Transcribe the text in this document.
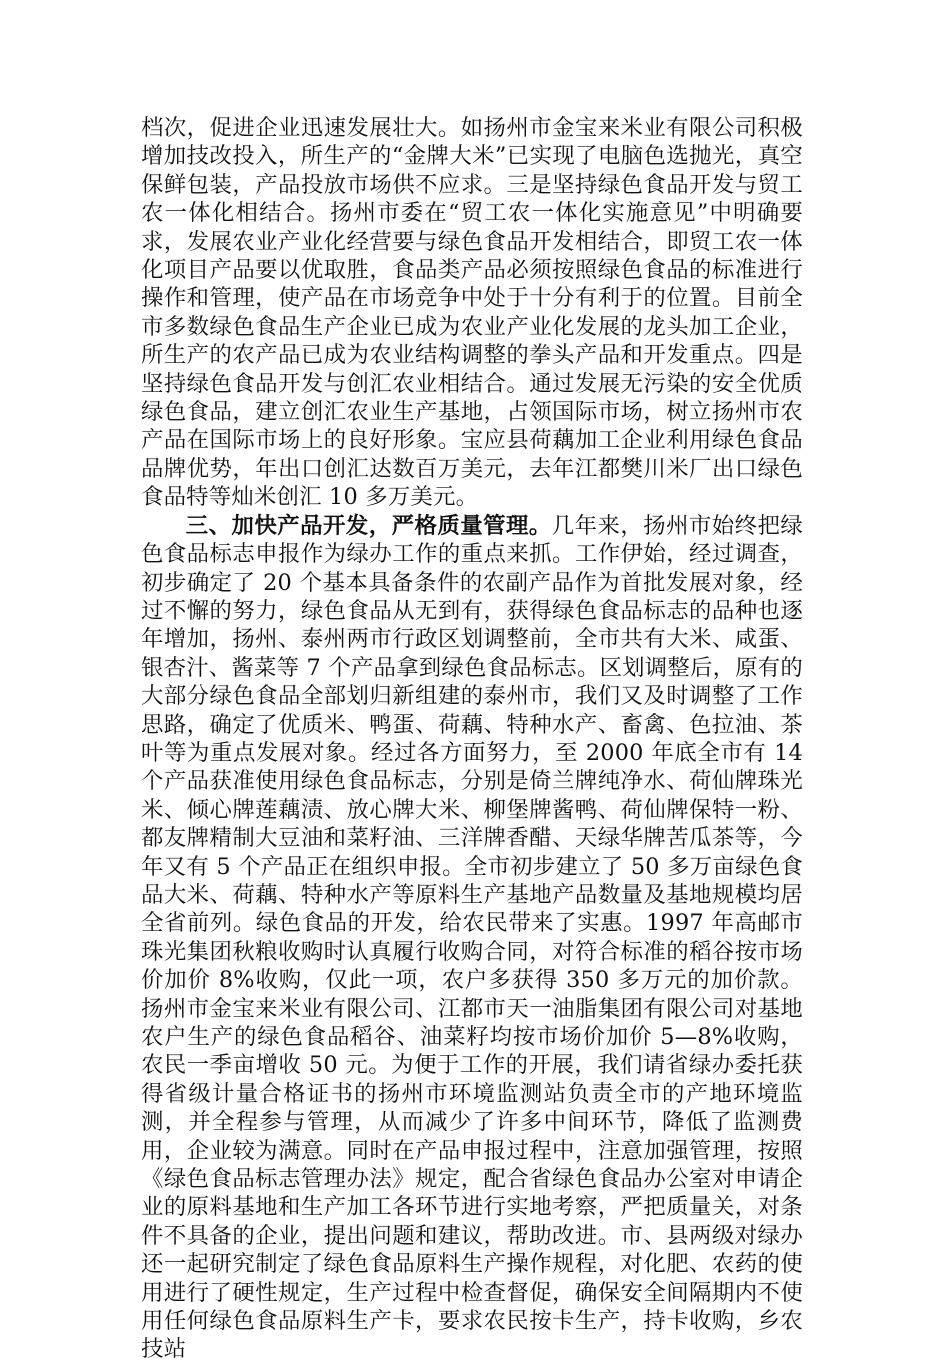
档次，促进企业迅速发展壮大。如扬州市金宝来米业有限公司积极增加技改投入，所生产的“金牌大米”已实现了电脑色选抛光，真空保鲜包装，产品投放市场供不应求。三是坚持绿色食品开发与贸工农一体化相结合。扬州市委在“贸工农一体化实施意见”中明确要求，发展农业产业化经营要与绿色食品开发相结合，即贸工农一体化项目产品要以优取胜，食品类产品必须按照绿色食品的标准进行操作和管理，使产品在市场竞争中处于十分有利于的位置。目前全市多数绿色食品生产企业已成为农业产业化发展的龙头加工企业，所生产的农产品已成为农业结构调整的拳头产品和开发重点。四是坚持绿色食品开发与创汇农业相结合。通过发展无污染的安全优质绿色食品，建立创汇农业生产基地，占领国际市场，树立扬州市农产品在国际市场上的良好形象。宝应县荷藕加工企业利用绿色食品品牌优势，年出口创汇达数百万美元，去年江都樊川米厂出口绿色食品特等灿米创汇 10 多万美元。

三、加快产品开发，严格质量管理。几年来，扬州市始终把绿色食品标志申报作为绿办工作的重点来抓。工作伊始，经过调查，初步确定了 20 个基本具备条件的农副产品作为首批发展对象，经过不懈的努力，绿色食品从无到有，获得绿色食品标志的品种也逐年增加，扬州、泰州两市行政区划调整前，全市共有大米、咸蛋、银杏汁、酱菜等 7 个产品拿到绿色食品标志。区划调整后，原有的大部分绿色食品全部划归新组建的泰州市，我们又及时调整了工作思路，确定了优质米、鸭蛋、荷藕、特种水产、畜禽、色拉油、茶叶等为重点发展对象。经过各方面努力，至 2000 年底全市有 14 个产品获准使用绿色食品标志，分别是倚兰牌纯净水、荷仙牌珠光米、倾心牌莲藕渍、放心牌大米、柳堡牌酱鸭、荷仙牌保特一粉、都友牌精制大豆油和菜籽油、三洋牌香醋、天绿华牌苦瓜茶等，今年又有 5 个产品正在组织申报。全市初步建立了 50 多万亩绿色食品大米、荷藕、特种水产等原料生产基地产品数量及基地规模均居全省前列。绿色食品的开发，给农民带来了实惠。1997 年高邮市珠光集团秋粮收购时认真履行收购合同，对符合标准的稻谷按市场价加价 8%收购，仅此一项，农户多获得 350 多万元的加价款。扬州市金宝来米业有限公司、江都市天一油脂集团有限公司对基地农户生产的绿色食品稻谷、油菜籽均按市场价加价 5—8%收购，农民一季亩增收 50 元。为便于工作的开展，我们请省绿办委托获得省级计量合格证书的扬州市环境监测站负责全市的产地环境监测，并全程参与管理，从而减少了许多中间环节，降低了监测费用，企业较为满意。同时在产品申报过程中，注意加强管理，按照《绿色食品标志管理办法》规定，配合省绿色食品办公室对申请企业的原料基地和生产加工各环节进行实地考察，严把质量关，对条件不具备的企业，提出问题和建议，帮助改进。市、县两级对绿办还一起研究制定了绿色食品原料生产操作规程，对化肥、农药的使用进行了硬性规定，生产过程中检查督促，确保安全间隔期内不使用任何绿色食品原料生产卡，要求农民按卡生产，持卡收购，乡农技站
